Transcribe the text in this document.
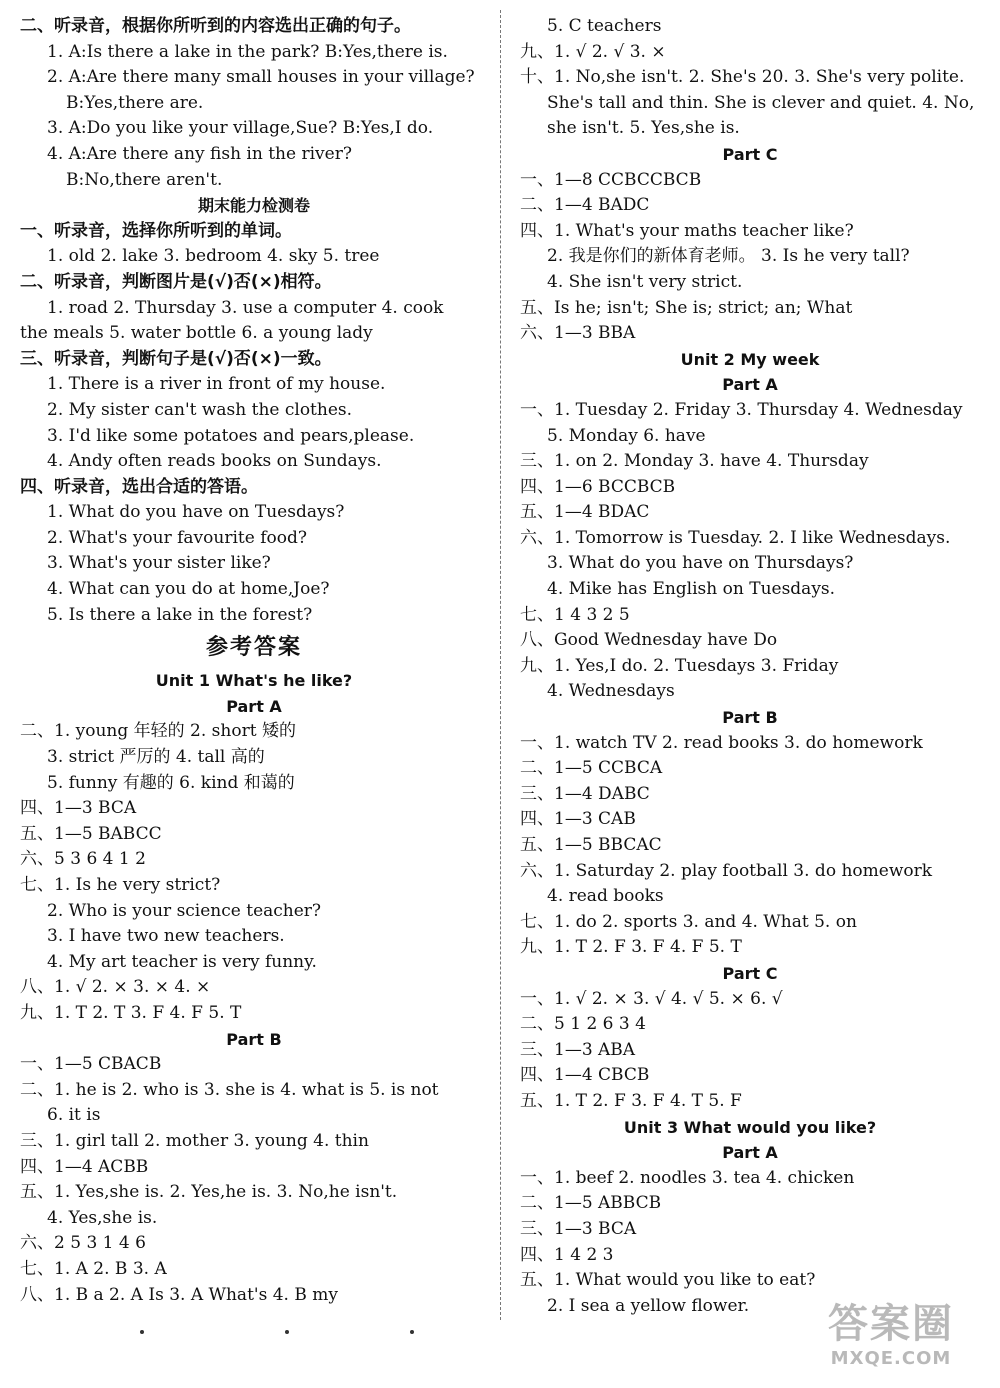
二、听录音，根据你所听到的内容选出正确的句子。
1. A:Is there a lake in the park? B:Yes,there is.
2. A:Are there many small houses in your village?
B:Yes,there are.
3. A:Do you like your village,Sue? B:Yes,I do.
4. A:Are there any fish in the river?
B:No,there aren't.
期末能力检测卷
一、听录音，选择你所听到的单词。
1. old 2. lake 3. bedroom 4. sky 5. tree
二、听录音，判断图片是(√)否(×)相符。
1. road 2. Thursday 3. use a computer 4. cook
the meals 5. water bottle 6. a young lady
三、听录音，判断句子是(√)否(×)一致。
1. There is a river in front of my house.
2. My sister can't wash the clothes.
3. I'd like some potatoes and pears,please.
4. Andy often reads books on Sundays.
四、听录音，选出合适的答语。
1. What do you have on Tuesdays?
2. What's your favourite food?
3. What's your sister like?
4. What can you do at home,Joe?
5. Is there a lake in the forest?
参考答案
Unit 1 What's he like?
Part A
二、1. young 年轻的 2. short 矮的
3. strict 严厉的 4. tall 高的
5. funny 有趣的 6. kind 和蔼的
四、1—3 BCA
五、1—5 BABCC
六、5 3 6 4 1 2
七、1. Is he very strict?
2. Who is your science teacher?
3. I have two new teachers.
4. My art teacher is very funny.
八、1. √ 2. × 3. × 4. ×
九、1. T 2. T 3. F 4. F 5. T
Part B
一、1—5 CBACB
二、1. he is 2. who is 3. she is 4. what is 5. is not
6. it is
三、1. girl tall 2. mother 3. young 4. thin
四、1—4 ACBB
五、1. Yes,she is. 2. Yes,he is. 3. No,he isn't.
4. Yes,she is.
六、2 5 3 1 4 6
七、1. A 2. B 3. A
八、1. B a 2. A Is 3. A What's 4. B my
5. C teachers
九、1. √ 2. √ 3. ×
十、1. No,she isn't. 2. She's 20. 3. She's very polite.
She's tall and thin. She is clever and quiet. 4. No,
she isn't. 5. Yes,she is.
Part C
一、1—8 CCBCCBCB
二、1—4 BADC
四、1. What's your maths teacher like?
2. 我是你们的新体育老师。 3. Is he very tall?
4. She isn't very strict.
五、Is he; isn't; She is; strict; an; What
六、1—3 BBA
Unit 2 My week
Part A
一、1. Tuesday 2. Friday 3. Thursday 4. Wednesday
5. Monday 6. have
三、1. on 2. Monday 3. have 4. Thursday
四、1—6 BCCBCB
五、1—4 BDAC
六、1. Tomorrow is Tuesday. 2. I like Wednesdays.
3. What do you have on Thursdays?
4. Mike has English on Tuesdays.
七、1 4 3 2 5
八、Good Wednesday have Do
九、1. Yes,I do. 2. Tuesdays 3. Friday
4. Wednesdays
Part B
一、1. watch TV 2. read books 3. do homework
二、1—5 CCBCA
三、1—4 DABC
四、1—3 CAB
五、1—5 BBCAC
六、1. Saturday 2. play football 3. do homework
4. read books
七、1. do 2. sports 3. and 4. What 5. on
九、1. T 2. F 3. F 4. F 5. T
Part C
一、1. √ 2. × 3. √ 4. √ 5. × 6. √
二、5 1 2 6 3 4
三、1—3 ABA
四、1—4 CBCB
五、1. T 2. F 3. F 4. T 5. F
Unit 3 What would you like?
Part A
一、1. beef 2. noodles 3. tea 4. chicken
二、1—5 ABBCB
三、1—3 BCA
四、1 4 2 3
五、1. What would you like to eat?
2. I sea a yellow flower.	答案圈
MXQE.COM
